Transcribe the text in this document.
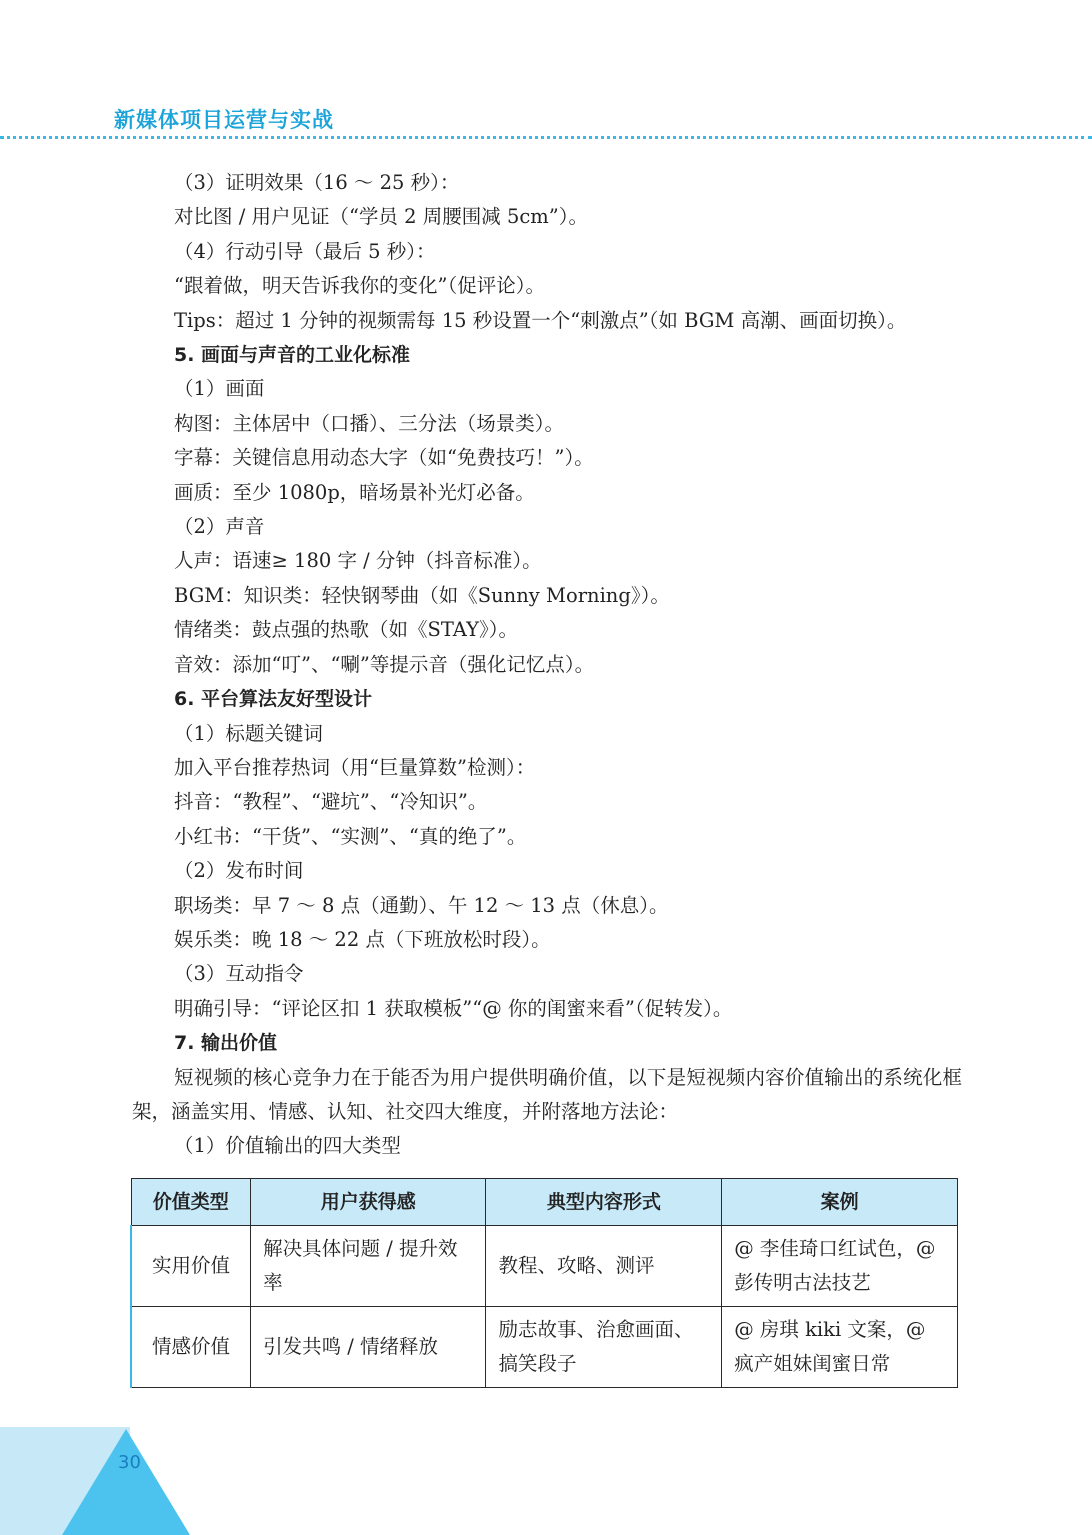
新媒体项目运营与实战
（3）证明效果（16 ～ 25 秒）：
对比图 / 用户见证（“学员 2 周腰围减 5cm”）。
（4）行动引导（最后 5 秒）：
“跟着做，明天告诉我你的变化”（促评论）。
Tips：超过 1 分钟的视频需每 15 秒设置一个“刺激点”（如 BGM 高潮、画面切换）。
5. 画面与声音的工业化标准
（1）画面
构图：主体居中（口播）、三分法（场景类）。
字幕：关键信息用动态大字（如“免费技巧！”）。
画质：至少 1080p，暗场景补光灯必备。
（2）声音
人声：语速≥ 180 字 / 分钟（抖音标准）。
BGM：知识类：轻快钢琴曲（如《Sunny Morning》）。
情绪类：鼓点强的热歌（如《STAY》）。
音效：添加“叮”、“唰”等提示音（强化记忆点）。
6. 平台算法友好型设计
（1）标题关键词
加入平台推荐热词（用“巨量算数”检测）：
抖音：“教程”、“避坑”、“冷知识”。
小红书：“干货”、“实测”、“真的绝了”。
（2）发布时间
职场类：早 7 ～ 8 点（通勤）、午 12 ～ 13 点（休息）。
娱乐类：晚 18 ～ 22 点（下班放松时段）。
（3）互动指令
明确引导：“评论区扣 1 获取模板”“@ 你的闺蜜来看”（促转发）。
7. 输出价值
短视频的核心竞争力在于能否为用户提供明确价值，以下是短视频内容价值输出的系统化框架，涵盖实用、情感、认知、社交四大维度，并附落地方法论：
（1）价值输出的四大类型
价值类型	用户获得感	典型内容形式	案例
实用价值	解决具体问题 / 提升效率	教程、攻略、测评	@ 李佳琦口红试色，@ 彭传明古法技艺
情感价值	引发共鸣 / 情绪释放	励志故事、治愈画面、搞笑段子	@ 房琪 kiki 文案，@ 疯产姐妹闺蜜日常
30
